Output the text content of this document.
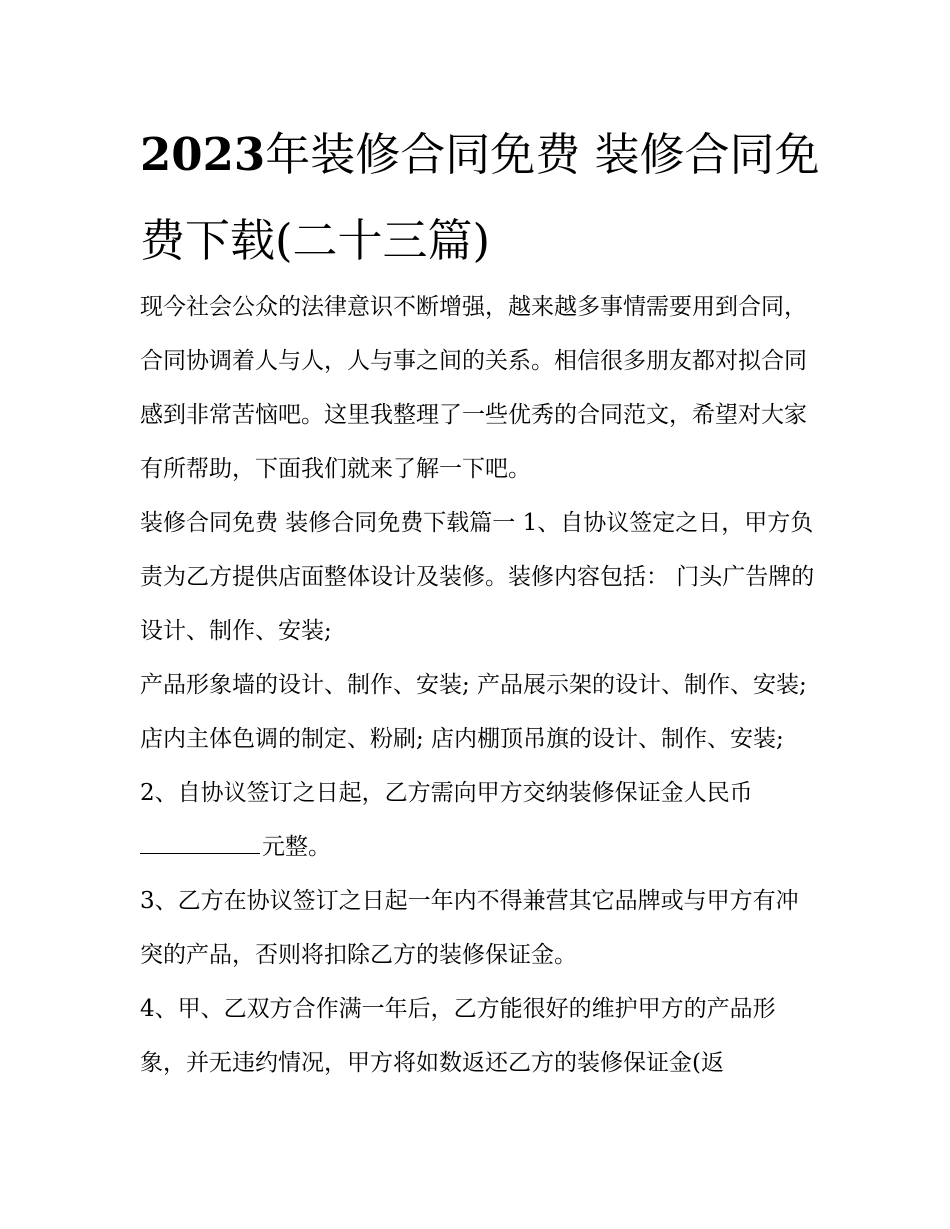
2023年装修合同免费 装修合同免费下载(二十三篇)

现今社会公众的法律意识不断增强，越来越多事情需要用到合同，合同协调着人与人，人与事之间的关系。相信很多朋友都对拟合同感到非常苦恼吧。这里我整理了一些优秀的合同范文，希望对大家有所帮助，下面我们就来了解一下吧。

装修合同免费 装修合同免费下载篇一 1、自协议签定之日，甲方负责为乙方提供店面整体设计及装修。装修内容包括： 门头广告牌的设计、制作、安装;

产品形象墙的设计、制作、安装; 产品展示架的设计、制作、安装; 店内主体色调的制定、粉刷; 店内棚顶吊旗的设计、制作、安装;

2、自协议签订之日起，乙方需向甲方交纳装修保证金人民币元整。

3、乙方在协议签订之日起一年内不得兼营其它品牌或与甲方有冲突的产品，否则将扣除乙方的装修保证金。

4、甲、乙双方合作满一年后，乙方能很好的维护甲方的产品形象，并无违约情况，甲方将如数返还乙方的装修保证金(返
